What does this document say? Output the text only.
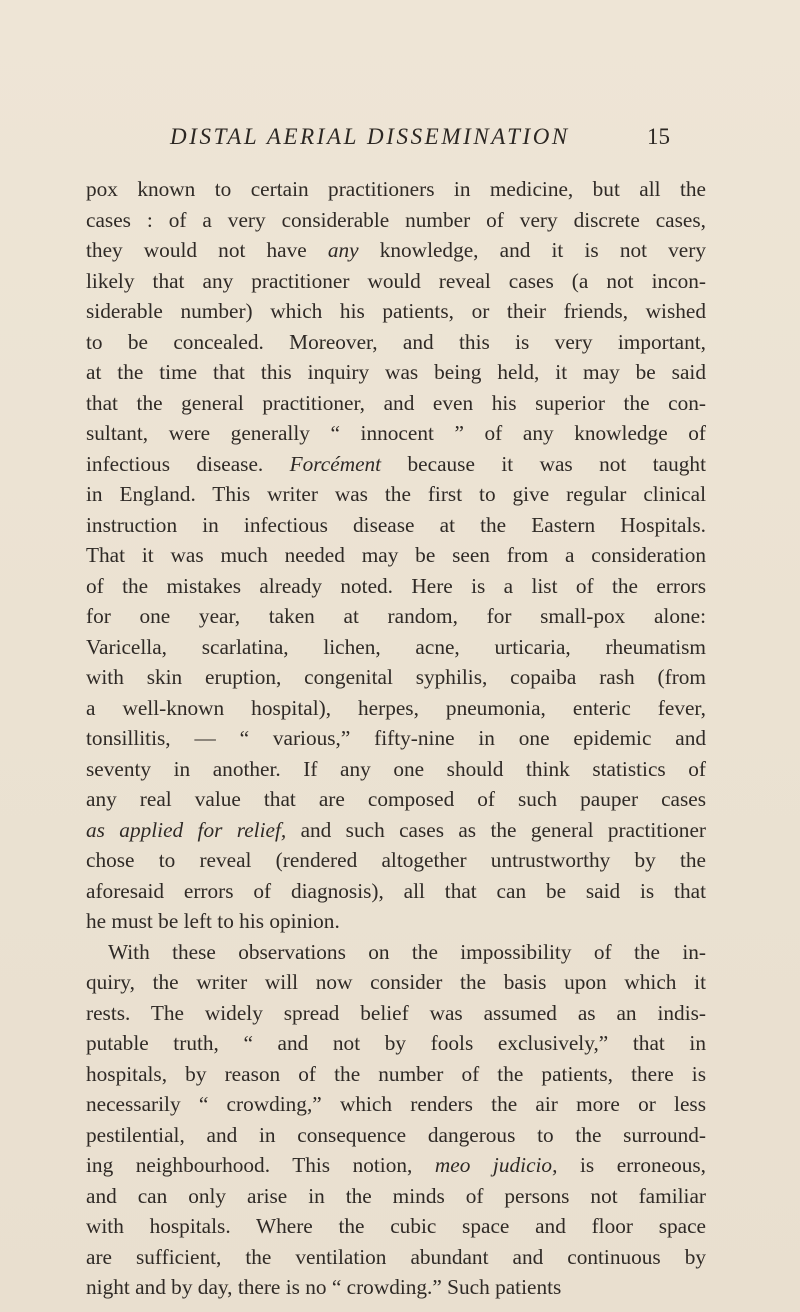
DISTAL AERIAL DISSEMINATION	15
pox known to certain practitioners in medicine, but all the
cases : of a very considerable number of very discrete cases,
they would not have any knowledge, and it is not very
likely that any practitioner would reveal cases (a not incon-
siderable number) which his patients, or their friends, wished
to be concealed. Moreover, and this is very important,
at the time that this inquiry was being held, it may be said
that the general practitioner, and even his superior the con-
sultant, were generally “ innocent ” of any knowledge of
infectious disease. Forcément because it was not taught
in England. This writer was the first to give regular clinical
instruction in infectious disease at the Eastern Hospitals.
That it was much needed may be seen from a consideration
of the mistakes already noted. Here is a list of the errors
for one year, taken at random, for small-pox alone:
Varicella, scarlatina, lichen, acne, urticaria, rheumatism
with skin eruption, congenital syphilis, copaiba rash (from
a well-known hospital), herpes, pneumonia, enteric fever,
tonsillitis, — “ various,” fifty-nine in one epidemic and
seventy in another. If any one should think statistics of
any real value that are composed of such pauper cases
as applied for relief, and such cases as the general practitioner
chose to reveal (rendered altogether untrustworthy by the
aforesaid errors of diagnosis), all that can be said is that
he must be left to his opinion.
With these observations on the impossibility of the in-
quiry, the writer will now consider the basis upon which it
rests. The widely spread belief was assumed as an indis-
putable truth, “ and not by fools exclusively,” that in
hospitals, by reason of the number of the patients, there is
necessarily “ crowding,” which renders the air more or less
pestilential, and in consequence dangerous to the surround-
ing neighbourhood. This notion, meo judicio, is erroneous,
and can only arise in the minds of persons not familiar
with hospitals. Where the cubic space and floor space
are sufficient, the ventilation abundant and continuous by
night and by day, there is no “ crowding.” Such patients
